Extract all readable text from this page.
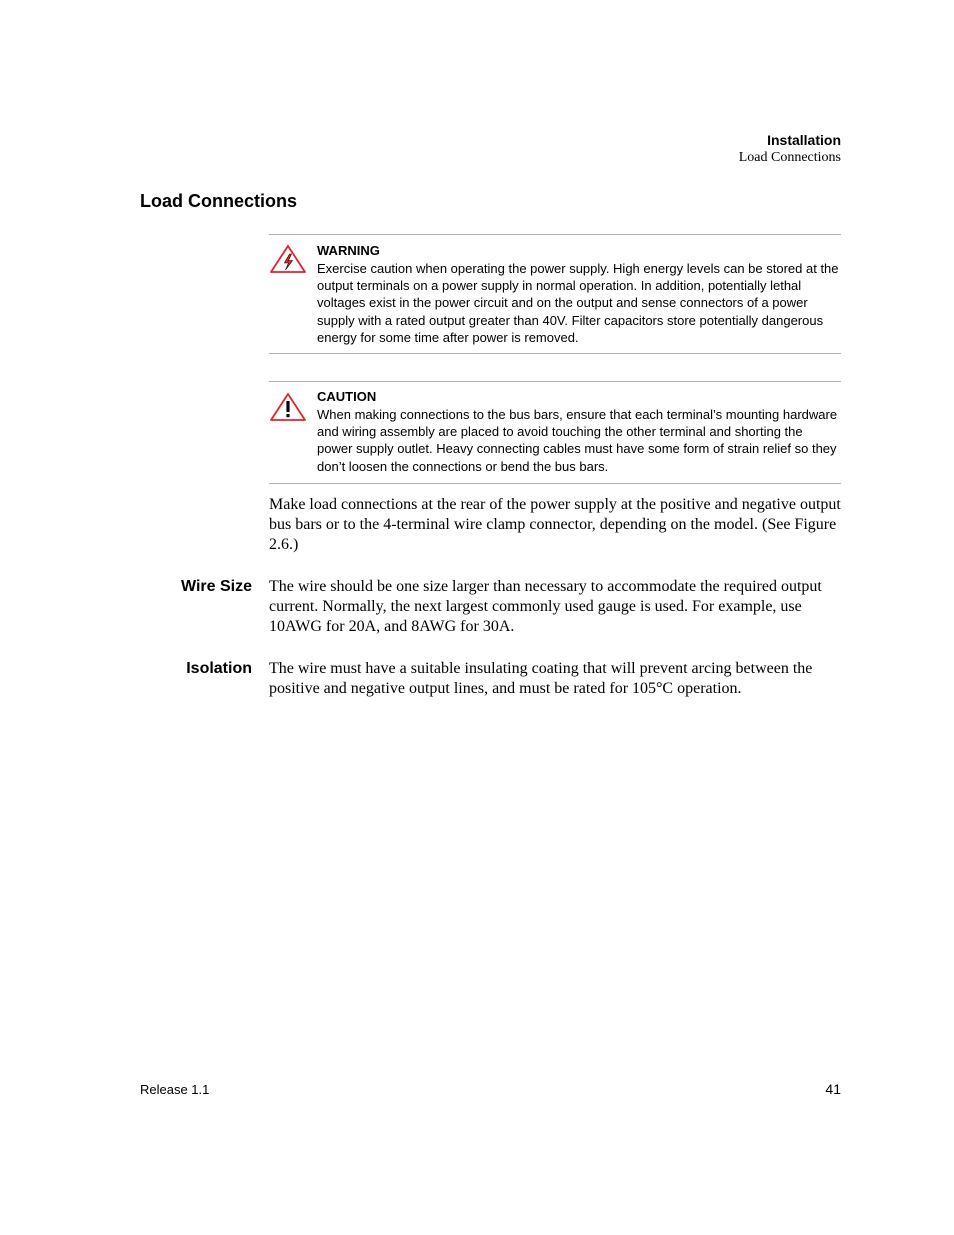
Installation
Load Connections
Load Connections
WARNING
Exercise caution when operating the power supply. High energy levels can be stored at the output terminals on a power supply in normal operation. In addition, potentially lethal voltages exist in the power circuit and on the output and sense connectors of a power supply with a rated output greater than 40V. Filter capacitors store potentially dangerous energy for some time after power is removed.
CAUTION
When making connections to the bus bars, ensure that each terminal’s mounting hardware and wiring assembly are placed to avoid touching the other terminal and shorting the power supply outlet. Heavy connecting cables must have some form of strain relief so they don’t loosen the connections or bend the bus bars.

Make load connections at the rear of the power supply at the positive and negative output bus bars or to the 4-terminal wire clamp connector, depending on the model. (See Figure 2.6.)

Wire Size The wire should be one size larger than necessary to accommodate the required output current. Normally, the next largest commonly used gauge is used. For example, use 10AWG for 20A, and 8AWG for 30A.

Isolation The wire must have a suitable insulating coating that will prevent arcing between the positive and negative output lines, and must be rated for 105°C operation.

Release 1.1	41
